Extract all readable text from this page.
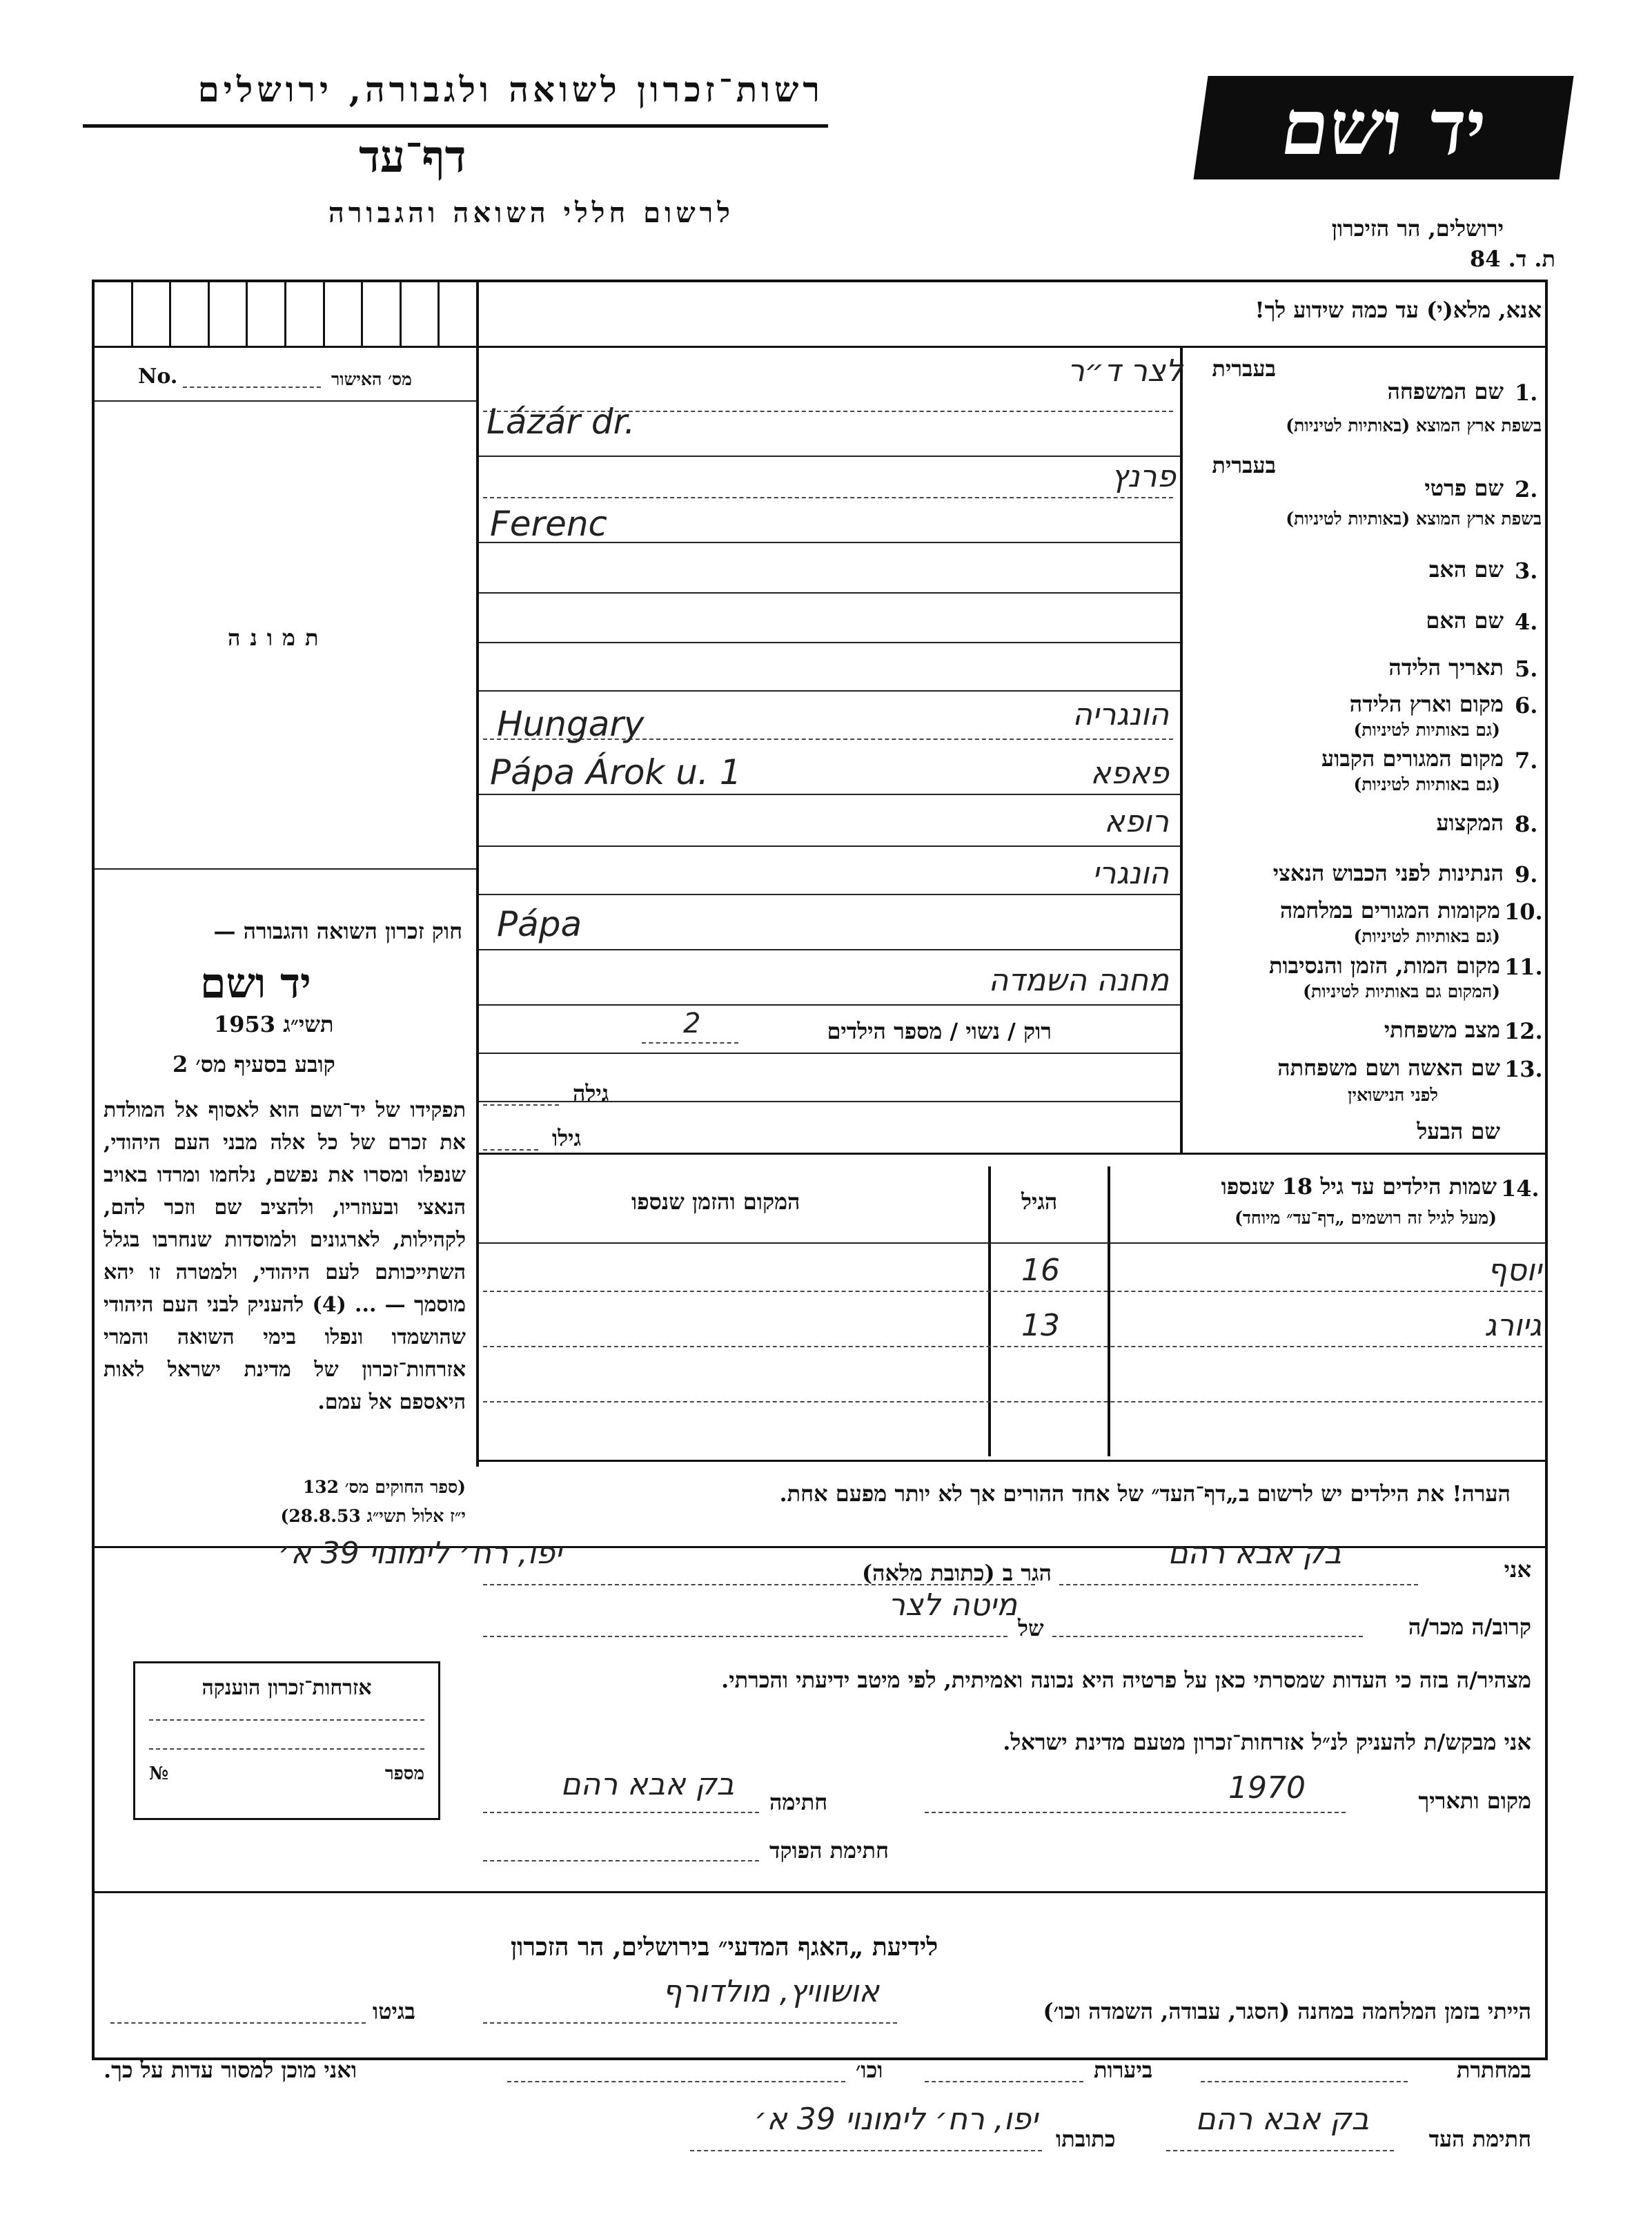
רשות־זכרון לשואה ולגבורה, ירושלים
דף־עד
לרשום חללי השואה והגבורה
יד ושם
ירושלים, הר הזיכרון
ת. ד. 84
אנא, מלא(י) עד כמה שידוע לך!
No.	מס׳ האישור
תמונה
חוק זכרון השואה והגבורה —
יד ושם
תשי״ג 1953
קובע בסעיף מס׳ 2
תפקידו של יד־ושם הוא לאסוף אל המולדת את זכרם של כל אלה מבני העם היהודי, שנפלו ומסרו את נפשם, נלחמו ומרדו באויב הנאצי ובעוזריו, ולהציב שם וזכר להם, לקהילות, לארגונים ולמוסדות שנחרבו בגלל השתייכותם לעם היהודי, ולמטרה זו יהא מוסמך — ... (4) להעניק לבני העם היהודי שהושמדו ונפלו בימי השואה והמרי אזרחות־זכרון של מדינת ישראל לאות היאספם אל עמם.
(ספר החוקים מס׳ 132
י״ז אלול תשי״ג 28.8.53)
בעברית
1.
שם המשפחה
בשפת ארץ המוצא (באותיות לטיניות)
בעברית
2.
שם פרטי
בשפת ארץ המוצא (באותיות לטיניות)
3.
שם האב
4.
שם האם
5.
תאריך הלידה
6.
מקום וארץ הלידה
(גם באותיות לטיניות)
7.
מקום המגורים הקבוע
(גם באותיות לטיניות)
8.
המקצוע
9.
הנתינות לפני הכבוש הנאצי
10.
מקומות המגורים במלחמה
(גם באותיות לטיניות)
11.
מקום המות, הזמן והנסיבות
(המקום גם באותיות לטיניות)
12.
מצב משפחתי
13.
שם האשה ושם משפחתה
לפני הנישואין
שם הבעל
לצר ד״ר
Lázár dr.
פרנץ
Ferenc
הונגריה
Hungary
פאפא
Pápa Árok u. 1
רופא
הונגרי
Pápa
מחנה השמדה
רוק / נשוי / מספר הילדים
2
גילה
גילו
14.
שמות הילדים עד גיל 18 שנספו
(מעל לגיל זה רושמים „דף־עד״ מיוחד)
הגיל
המקום והזמן שנספו
יוסף
16
גיורג
13
הערה! את הילדים יש לרשום ב„דף־העד״ של אחד ההורים אך לא יותר מפעם אחת.
אני
בק אבא רהם
הגר ב (כתובת מלאה)
יפו, רח׳ לימונוי 39 א׳
קרוב/ה מכר/ה
של
מיטה לצר
מצהיר/ה בזה כי העדות שמסרתי כאן על פרטיה היא נכונה ואמיתית, לפי מיטב ידיעתי והכרתי.
אני מבקש/ת להעניק לנ״ל אזרחות־זכרון מטעם מדינת ישראל.
מקום ותאריך
1970
חתימה
בק אבא רהם
חתימת הפוקד
אזרחות־זכרון הוענקה
№	מספר
לידיעת „האגף המדעי״ בירושלים, הר הזכרון
הייתי בזמן המלחמה במחנה (הסגר, עבודה, השמדה וכו׳)
אושוויץ, מולדורף
בגיטו
במחתרת
ביערות
וכו׳
ואני מוכן למסור עדות על כך.
חתימת העד
בק אבא רהם
כתובתו
יפו, רח׳ לימונוי 39 א׳
